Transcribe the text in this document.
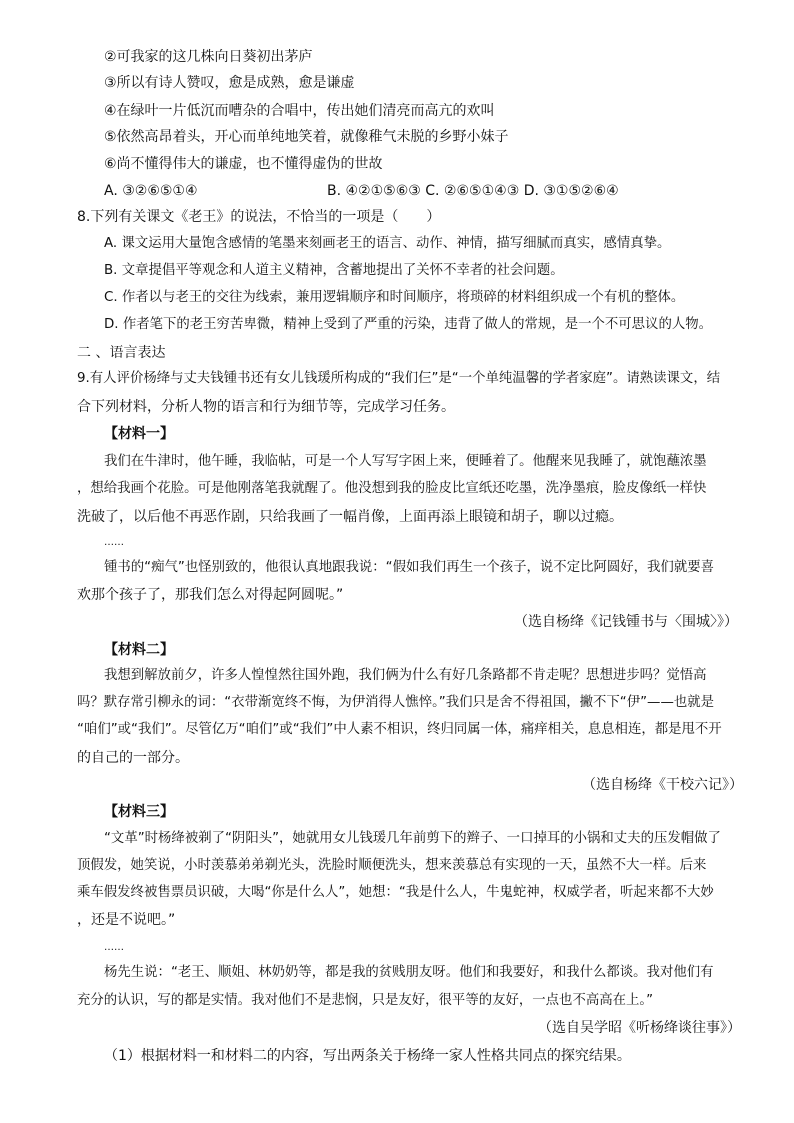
②可我家的这几株向日葵初出茅庐
③所以有诗人赞叹，愈是成熟，愈是谦虚
④在绿叶一片低沉而嘈杂的合唱中，传出她们清亮而高亢的欢叫
⑤依然高昂着头，开心而单纯地笑着，就像稚气未脱的乡野小妹子
⑥尚不懂得伟大的谦虚，也不懂得虚伪的世故
A. ③②⑥⑤①④	B. ④②①⑤⑥③ C. ②⑥⑤①④③ D. ③①⑤②⑥④
8.下列有关课文《老王》的说法，不恰当的一项是（　　）
A. 课文运用大量饱含感情的笔墨来刻画老王的语言、动作、神情，描写细腻而真实，感情真挚。
B. 文章提倡平等观念和人道主义精神，含蓄地提出了关怀不幸者的社会问题。
C. 作者以与老王的交往为线索，兼用逻辑顺序和时间顺序，将琐碎的材料组织成一个有机的整体。
D. 作者笔下的老王穷苦卑微，精神上受到了严重的污染，违背了做人的常规，是一个不可思议的人物。
二 、语言表达
9.有人评价杨绛与丈夫钱锺书还有女儿钱瑗所构成的“我们仨”是“一个单纯温馨的学者家庭”。请熟读课文，结
合下列材料，分析人物的语言和行为细节等，完成学习任务。
【材料一】
我们在牛津时，他午睡，我临帖，可是一个人写写字困上来，便睡着了。他醒来见我睡了，就饱蘸浓墨
，想给我画个花脸。可是他刚落笔我就醒了。他没想到我的脸皮比宣纸还吃墨，洗净墨痕，脸皮像纸一样快
洗破了，以后他不再恶作剧，只给我画了一幅肖像，上面再添上眼镜和胡子，聊以过瘾。
……
锺书的“痴气”也怪别致的，他很认真地跟我说：“假如我们再生一个孩子，说不定比阿圆好，我们就要喜
欢那个孩子了，那我们怎么对得起阿圆呢。”
（选自杨绛《记钱锺书与〈围城〉》）
【材料二】
我想到解放前夕，许多人惶惶然往国外跑，我们俩为什么有好几条路都不肯走呢？思想进步吗？觉悟高
吗？默存常引柳永的词：“衣带渐宽终不悔，为伊消得人憔悴。”我们只是舍不得祖国，撇不下“伊”——也就是
“咱们”或“我们”。尽管亿万“咱们”或“我们”中人素不相识，终归同属一体，痛痒相关，息息相连，都是甩不开
的自己的一部分。
（选自杨绛《干校六记》）
【材料三】
“文革”时杨绛被剃了“阴阳头”，她就用女儿钱瑗几年前剪下的辫子、一口掉耳的小锅和丈夫的压发帽做了
顶假发，她笑说，小时羡慕弟弟剃光头，洗脸时顺便洗头，想来羡慕总有实现的一天，虽然不大一样。后来
乘车假发终被售票员识破，大喝“你是什么人”，她想：“我是什么人，牛鬼蛇神，权威学者，听起来都不大妙
，还是不说吧。”
……
杨先生说：“老王、顺姐、林奶奶等，都是我的贫贱朋友呀。他们和我要好，和我什么都谈。我对他们有
充分的认识，写的都是实情。我对他们不是悲悯，只是友好，很平等的友好，一点也不高高在上。”
（选自吴学昭《听杨绛谈往事》）
（1）根据材料一和材料二的内容，写出两条关于杨绛一家人性格共同点的探究结果。
